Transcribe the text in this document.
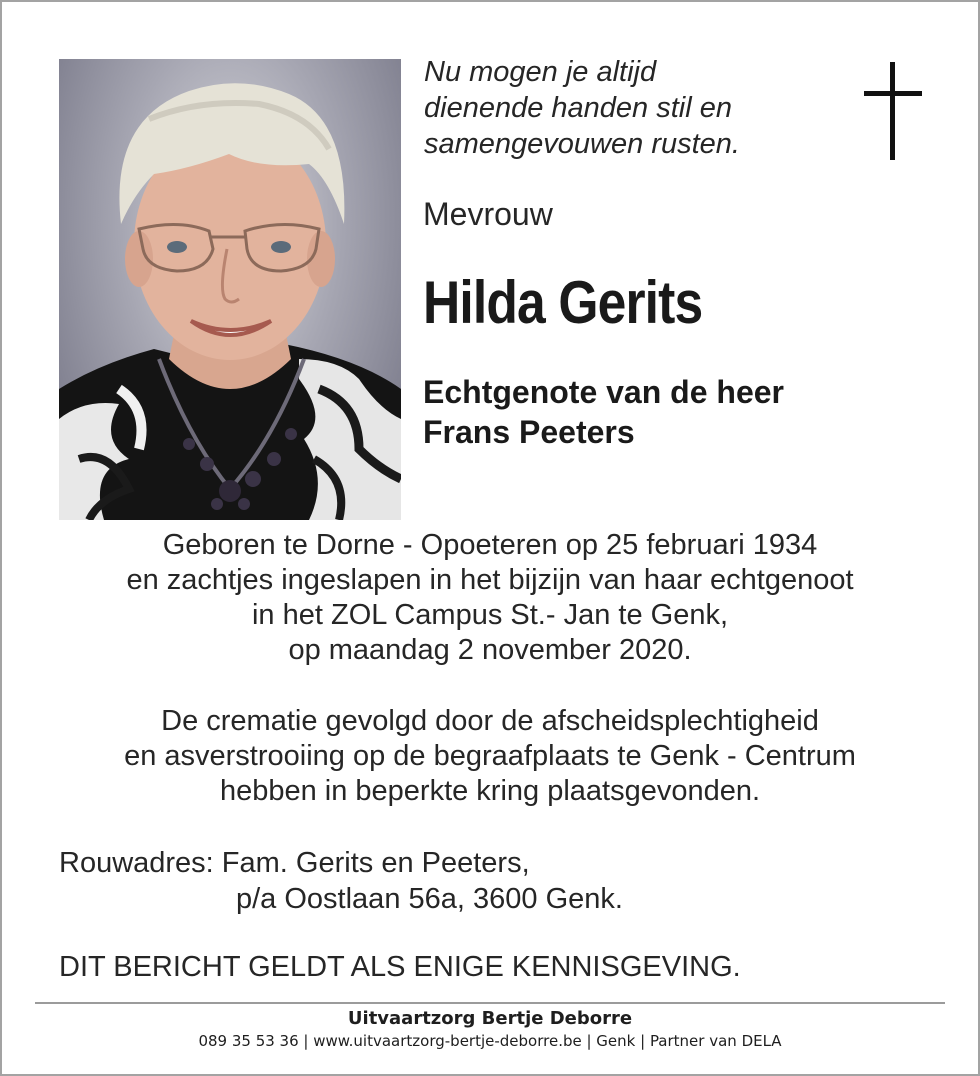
Nu mogen je altijd
dienende handen stil en
samengevouwen rusten.
Mevrouw
Hilda Gerits
Echtgenote van de heer
Frans Peeters
Geboren te Dorne - Opoeteren op 25 februari 1934
en zachtjes ingeslapen in het bijzijn van haar echtgenoot
in het ZOL Campus St.- Jan te Genk,
op maandag 2 november 2020.
De crematie gevolgd door de afscheidsplechtigheid
en asverstrooiing op de begraafplaats te Genk - Centrum
hebben in beperkte kring plaatsgevonden.
Rouwadres: Fam. Gerits en Peeters,
p/a Oostlaan 56a, 3600 Genk.
DIT BERICHT GELDT ALS ENIGE KENNISGEVING.
Uitvaartzorg Bertje Deborre
089 35 53 36 | www.uitvaartzorg-bertje-deborre.be | Genk | Partner van DELA
